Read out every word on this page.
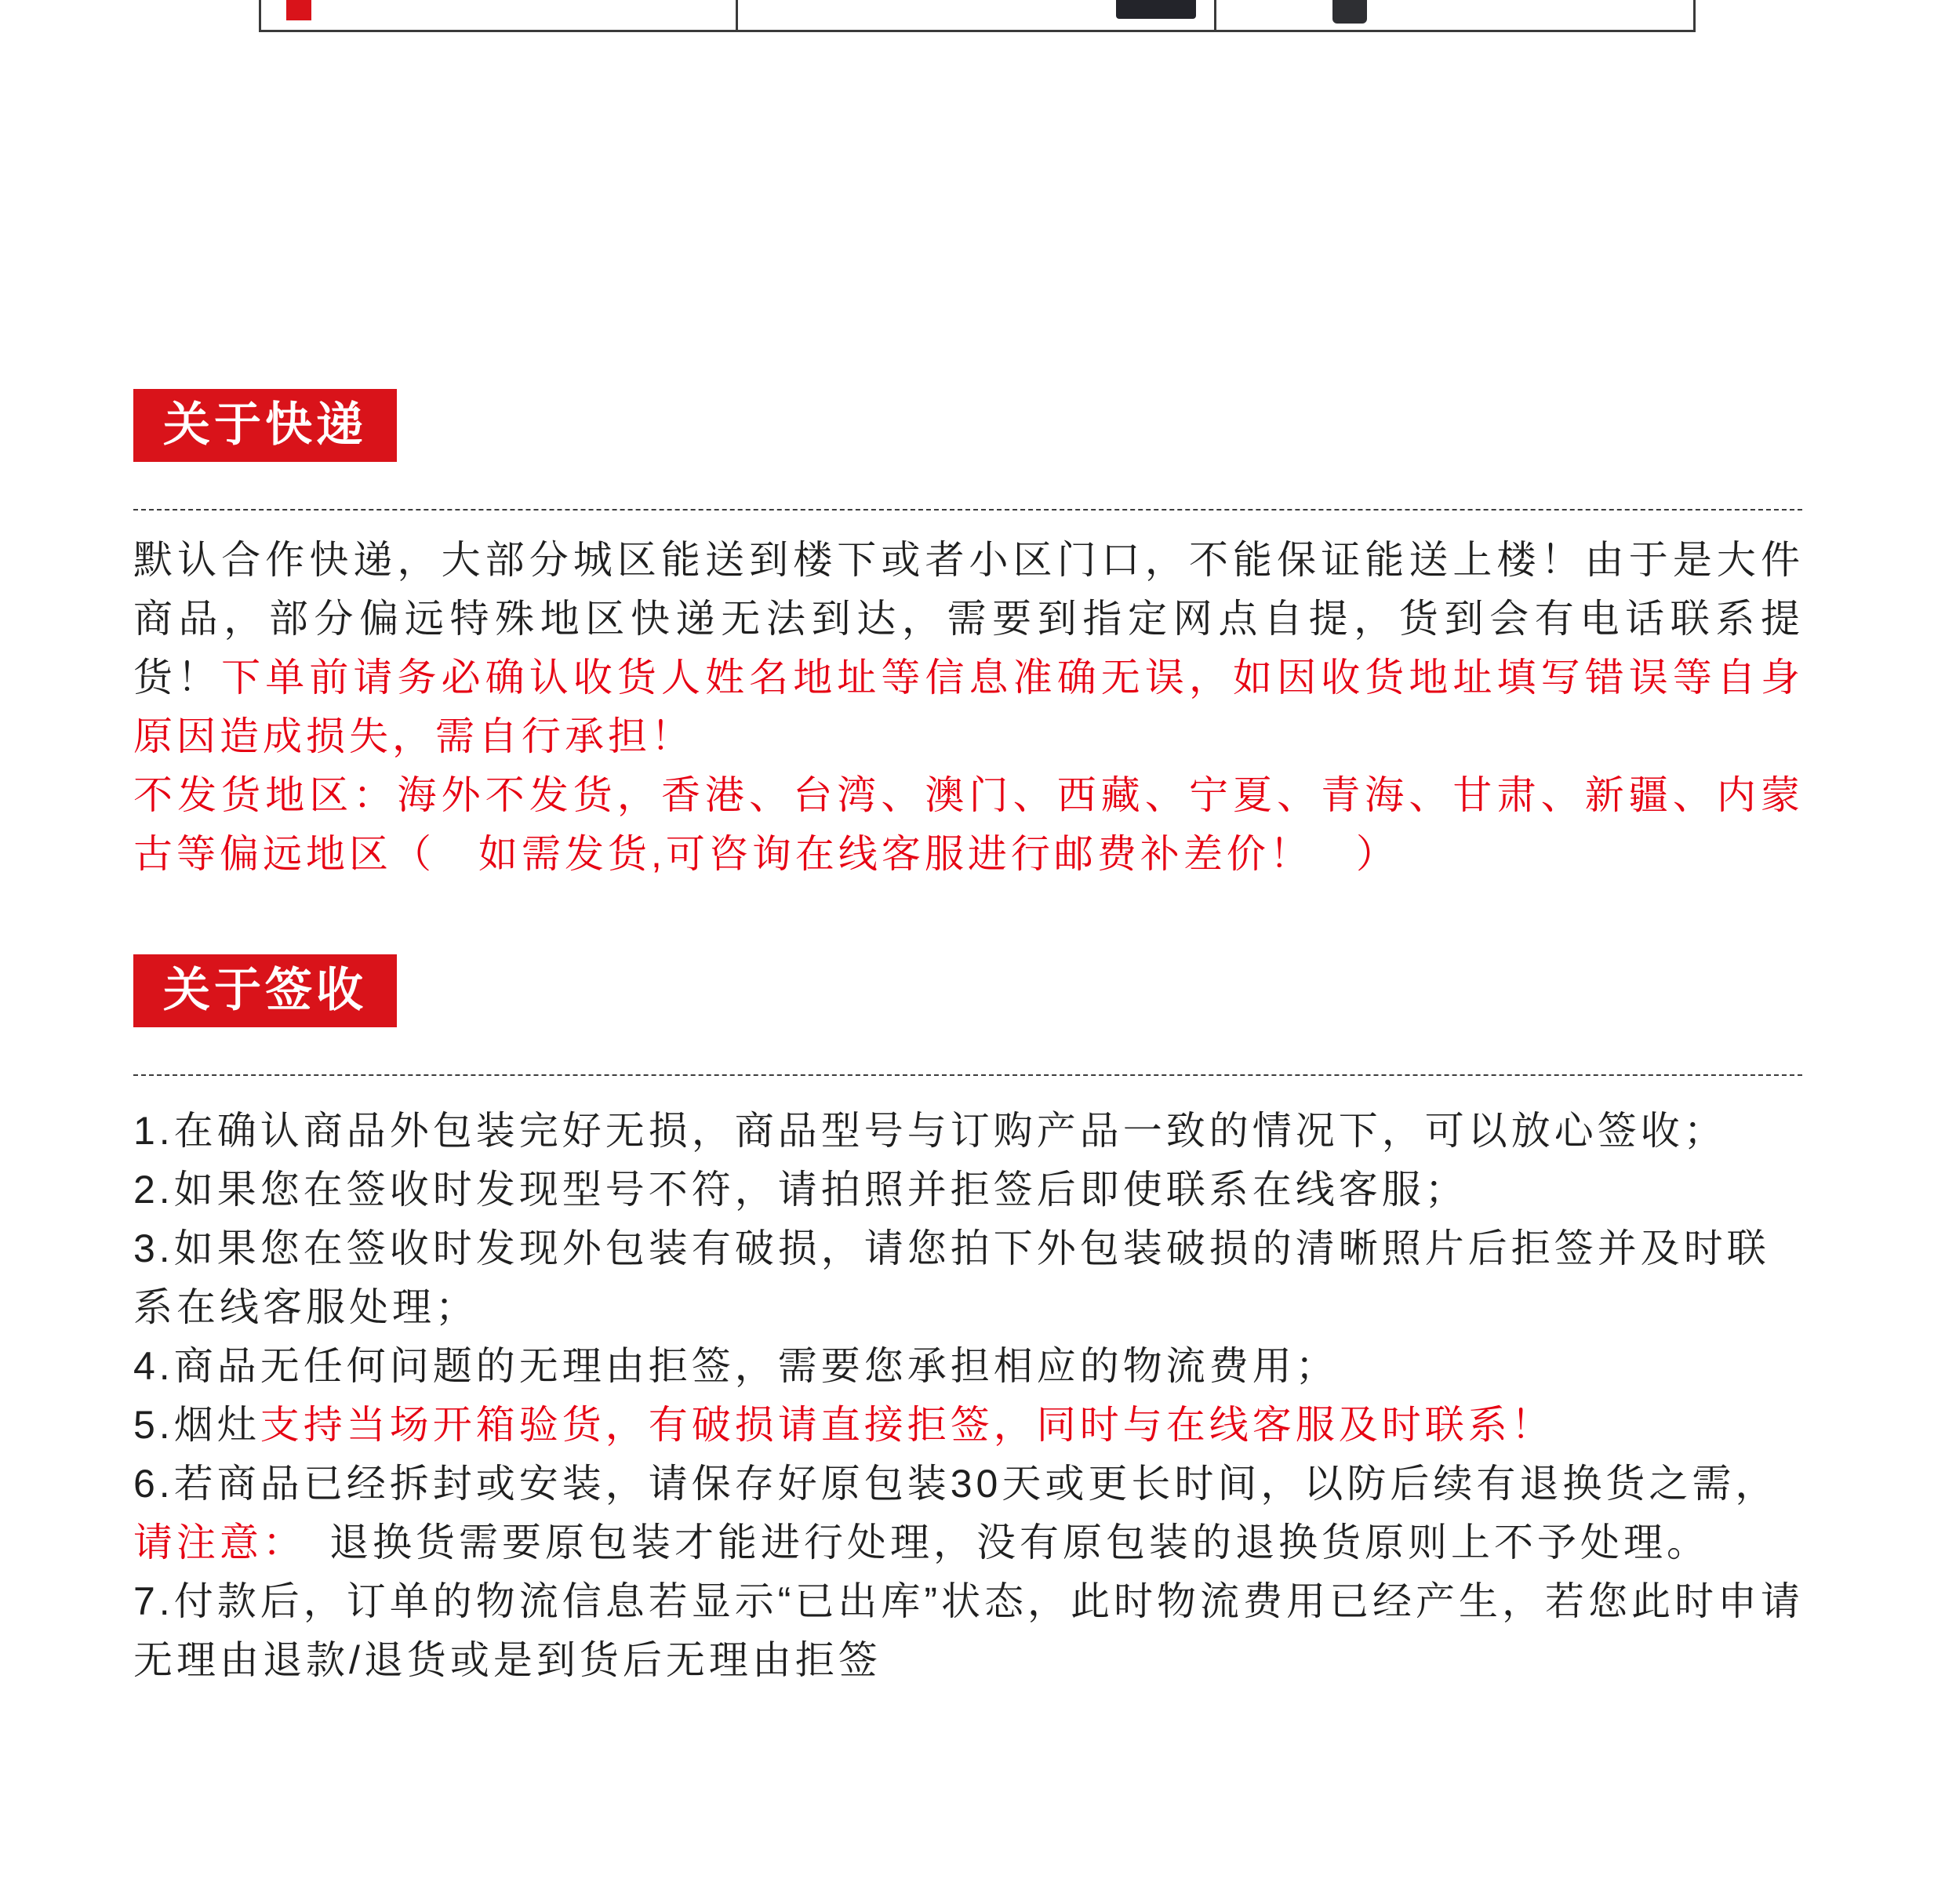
关于快递

默认合作快递，大部分城区能送到楼下或者小区门口，不能保证能送上楼！由于是大件商品，部分偏远特殊地区快递无法到达，需要到指定网点自提，货到会有电话联系提货！下单前请务必确认收货人姓名地址等信息准确无误，如因收货地址填写错误等自身原因造成损失，需自行承担！

不发货地区：海外不发货，香港、台湾、澳门、西藏、宁夏、青海、甘肃、新疆、内蒙古等偏远地区（　如需发货,可咨询在线客服进行邮费补差价！　）

关于签收

1.在确认商品外包装完好无损，商品型号与订购产品一致的情况下，可以放心签收；

2.如果您在签收时发现型号不符，请拍照并拒签后即使联系在线客服；

3.如果您在签收时发现外包装有破损，请您拍下外包装破损的清晰照片后拒签并及时联系在线客服处理；

4.商品无任何问题的无理由拒签，需要您承担相应的物流费用；

5.烟灶支持当场开箱验货，有破损请直接拒签，同时与在线客服及时联系！

6.若商品已经拆封或安装，请保存好原包装30天或更长时间，以防后续有退换货之需，　请注意：　退换货需要原包装才能进行处理，没有原包装的退换货原则上不予处理。

7.付款后，订单的物流信息若显示“已出库”状态，此时物流费用已经产生，若您此时申请无理由退款/退货或是到货后无理由拒签
